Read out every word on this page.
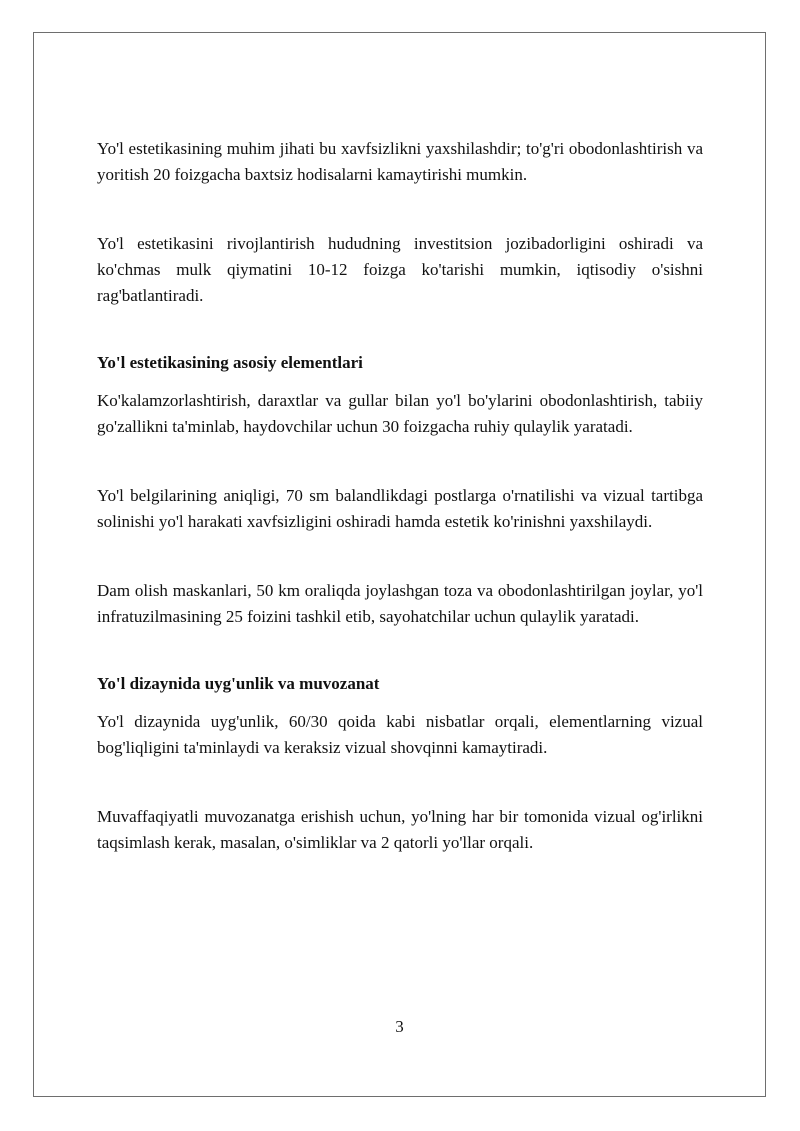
Yo'l estetikasining muhim jihati bu xavfsizlikni yaxshilashdir; to'g'ri obodonlashtirish va yoritish 20 foizgacha baxtsiz hodisalarni kamaytirishi mumkin.

Yo'l estetikasini rivojlantirish hududning investitsion jozibadorligini oshiradi va ko'chmas mulk qiymatini 10-12 foizga ko'tarishi mumkin, iqtisodiy o'sishni rag'batlantiradi.

Yo'l estetikasining asosiy elementlari

Ko'kalamzorlashtirish, daraxtlar va gullar bilan yo'l bo'ylarini obodonlashtirish, tabiiy go'zallikni ta'minlab, haydovchilar uchun 30 foizgacha ruhiy qulaylik yaratadi.

Yo'l belgilarining aniqligi, 70 sm balandlikdagi postlarga o'rnatilishi va vizual tartibga solinishi yo'l harakati xavfsizligini oshiradi hamda estetik ko'rinishni yaxshilaydi.

Dam olish maskanlari, 50 km oraliqda joylashgan toza va obodonlashtirilgan joylar, yo'l infratuzilmasining 25 foizini tashkil etib, sayohatchilar uchun qulaylik yaratadi.

Yo'l dizaynida uyg'unlik va muvozanat

Yo'l dizaynida uyg'unlik, 60/30 qoida kabi nisbatlar orqali, elementlarning vizual bog'liqligini ta'minlaydi va keraksiz vizual shovqinni kamaytiradi.

Muvaffaqiyatli muvozanatga erishish uchun, yo'lning har bir tomonida vizual og'irlikni taqsimlash kerak, masalan, o'simliklar va 2 qatorli yo'llar orqali.

3
